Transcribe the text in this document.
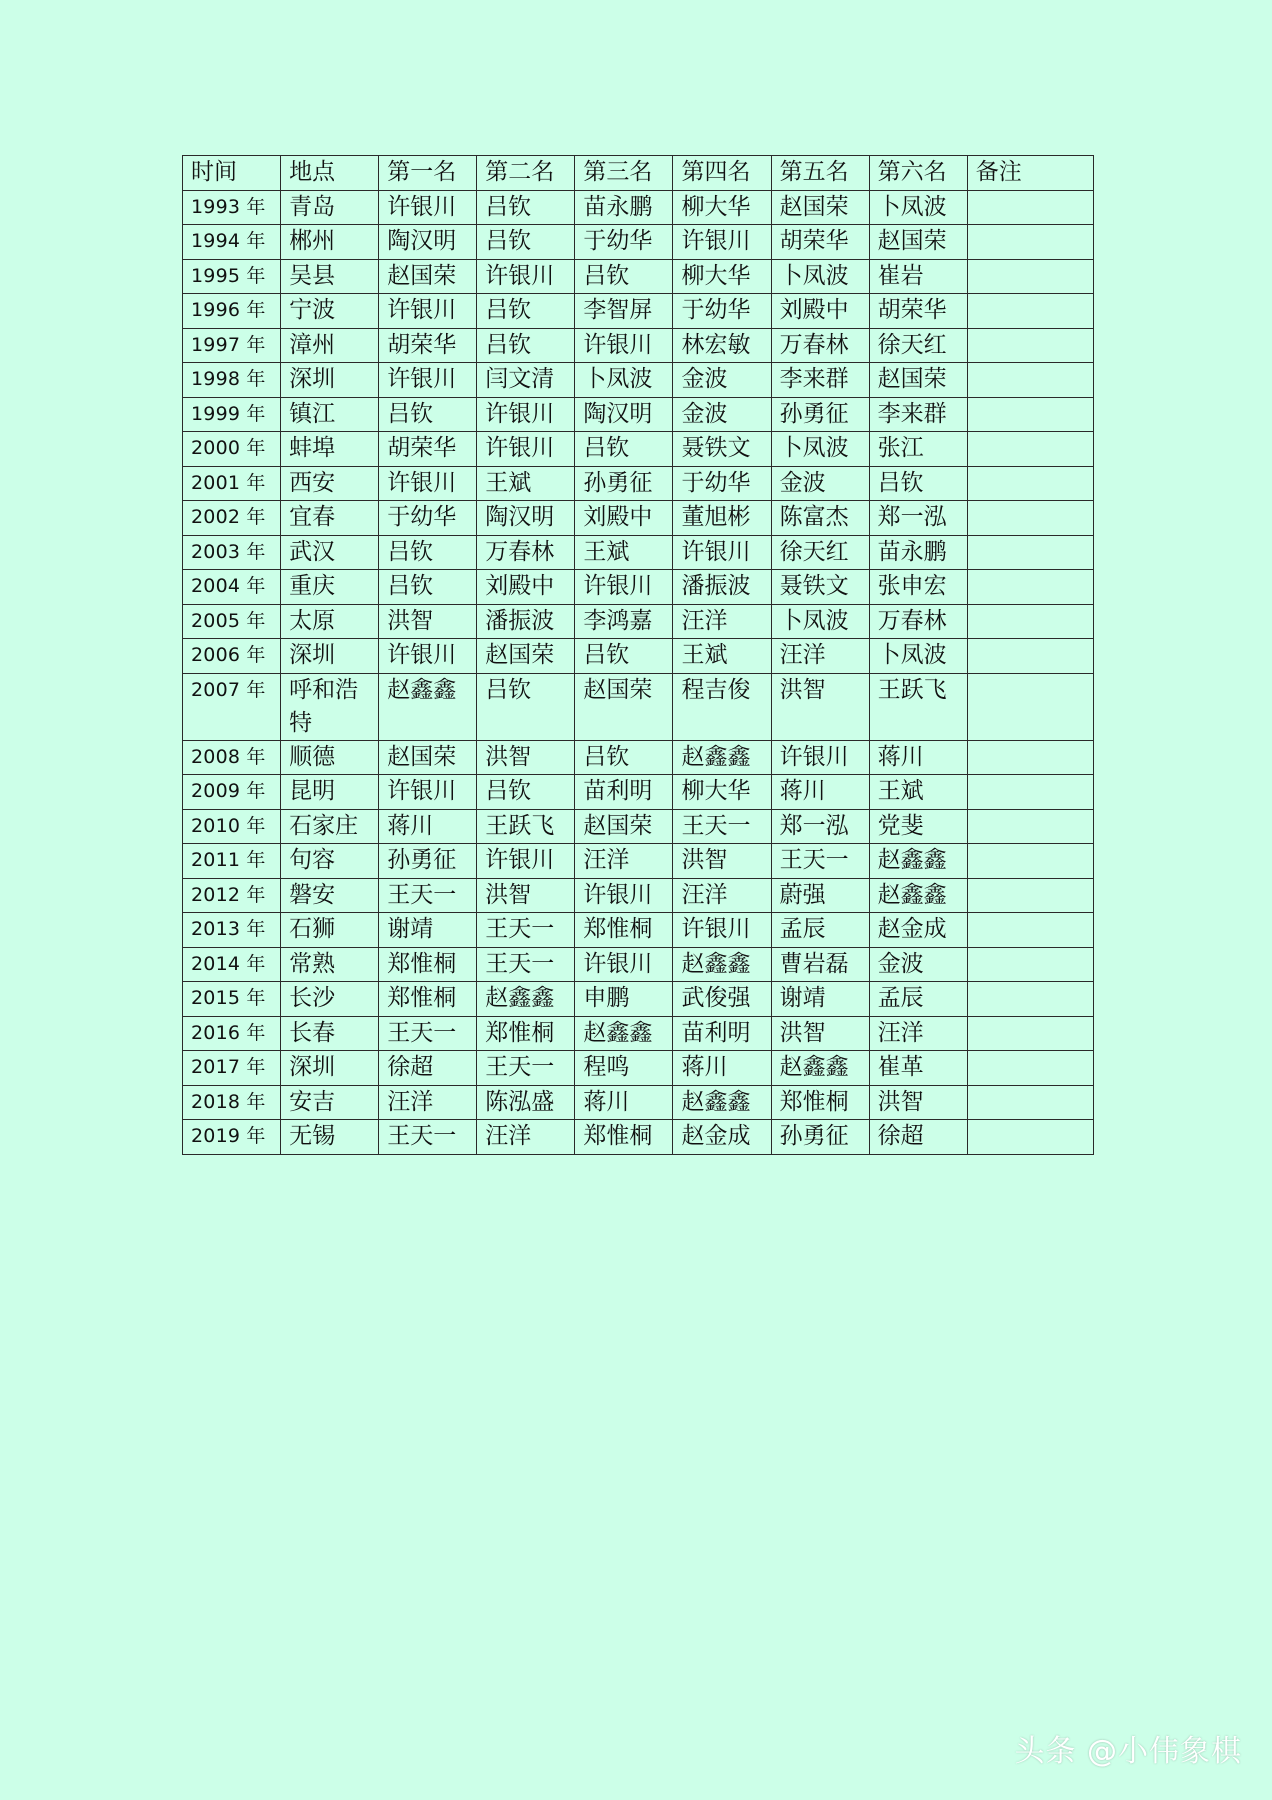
时间	地点	第一名	第二名	第三名	第四名	第五名	第六名	备注
1993 年	青岛	许银川	吕钦	苗永鹏	柳大华	赵国荣	卜凤波	
1994 年	郴州	陶汉明	吕钦	于幼华	许银川	胡荣华	赵国荣	
1995 年	吴县	赵国荣	许银川	吕钦	柳大华	卜凤波	崔岩	
1996 年	宁波	许银川	吕钦	李智屏	于幼华	刘殿中	胡荣华	
1997 年	漳州	胡荣华	吕钦	许银川	林宏敏	万春林	徐天红	
1998 年	深圳	许银川	闫文清	卜凤波	金波	李来群	赵国荣	
1999 年	镇江	吕钦	许银川	陶汉明	金波	孙勇征	李来群	
2000 年	蚌埠	胡荣华	许银川	吕钦	聂铁文	卜凤波	张江	
2001 年	西安	许银川	王斌	孙勇征	于幼华	金波	吕钦	
2002 年	宜春	于幼华	陶汉明	刘殿中	董旭彬	陈富杰	郑一泓	
2003 年	武汉	吕钦	万春林	王斌	许银川	徐天红	苗永鹏	
2004 年	重庆	吕钦	刘殿中	许银川	潘振波	聂铁文	张申宏	
2005 年	太原	洪智	潘振波	李鸿嘉	汪洋	卜凤波	万春林	
2006 年	深圳	许银川	赵国荣	吕钦	王斌	汪洋	卜凤波	
2007 年	呼和浩特	赵鑫鑫	吕钦	赵国荣	程吉俊	洪智	王跃飞	
2008 年	顺德	赵国荣	洪智	吕钦	赵鑫鑫	许银川	蒋川	
2009 年	昆明	许银川	吕钦	苗利明	柳大华	蒋川	王斌	
2010 年	石家庄	蒋川	王跃飞	赵国荣	王天一	郑一泓	党斐	
2011 年	句容	孙勇征	许银川	汪洋	洪智	王天一	赵鑫鑫	
2012 年	磐安	王天一	洪智	许银川	汪洋	蔚强	赵鑫鑫	
2013 年	石狮	谢靖	王天一	郑惟桐	许银川	孟辰	赵金成	
2014 年	常熟	郑惟桐	王天一	许银川	赵鑫鑫	曹岩磊	金波	
2015 年	长沙	郑惟桐	赵鑫鑫	申鹏	武俊强	谢靖	孟辰	
2016 年	长春	王天一	郑惟桐	赵鑫鑫	苗利明	洪智	汪洋	
2017 年	深圳	徐超	王天一	程鸣	蒋川	赵鑫鑫	崔革	
2018 年	安吉	汪洋	陈泓盛	蒋川	赵鑫鑫	郑惟桐	洪智	
2019 年	无锡	王天一	汪洋	郑惟桐	赵金成	孙勇征	徐超	
头条 @小伟象棋
